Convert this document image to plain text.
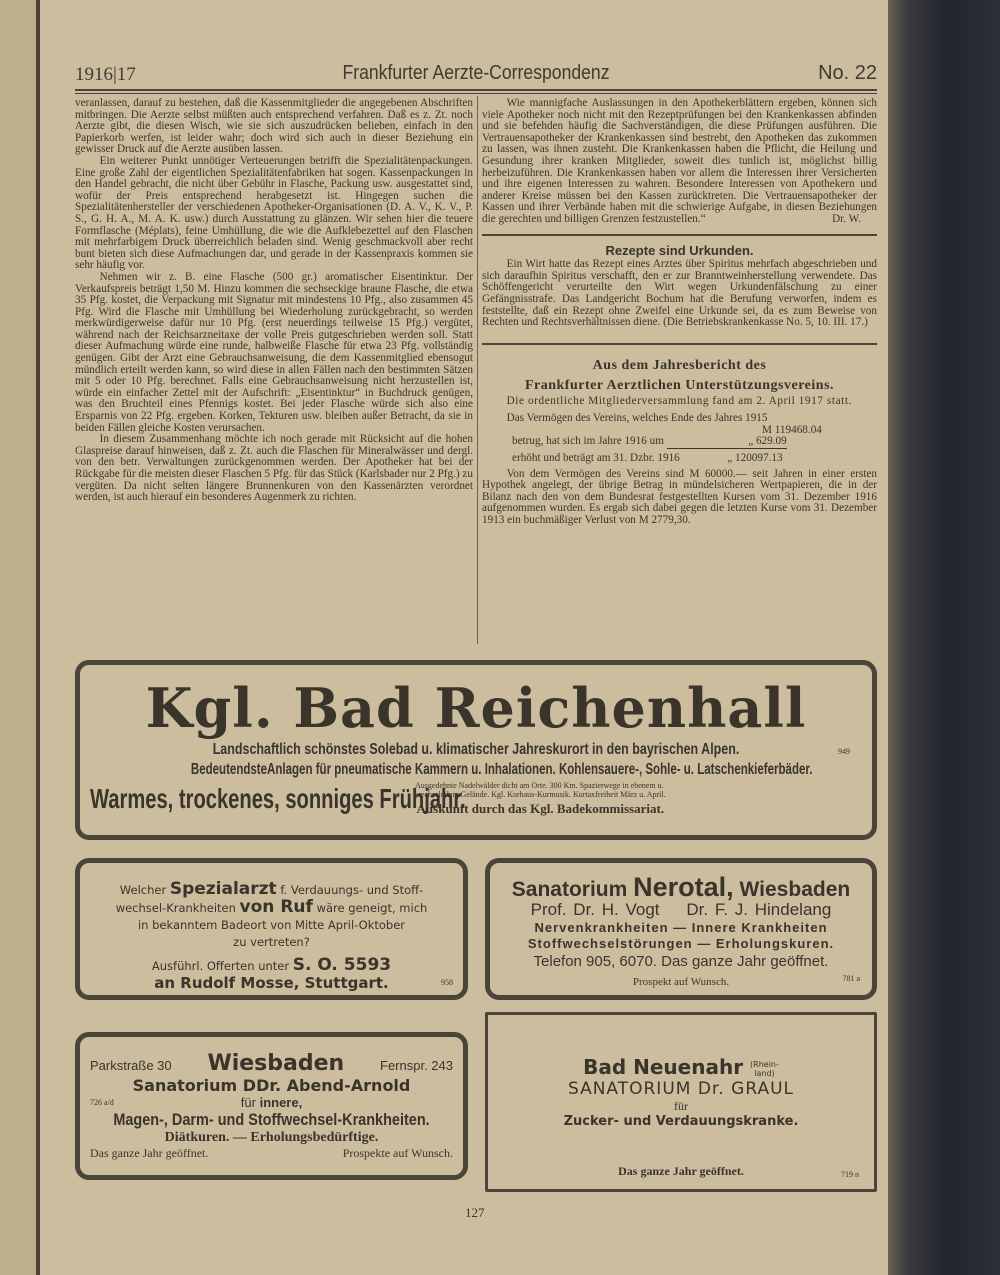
1916|17	Frankfurter Aerzte-Correspondenz	No. 22

veranlassen, darauf zu bestehen, daß die Kassenmitglieder die angegebenen Abschriften mitbringen. Die Aerzte selbst müßten auch entsprechend verfahren. Daß es z. Zt. noch Aerzte gibt, die diesen Wisch, wie sie sich auszudrücken belieben, einfach in den Papierkorb werfen, ist leider wahr; doch wird sich auch in dieser Beziehung ein gewisser Druck auf die Aerzte ausüben lassen.

Ein weiterer Punkt unnötiger Verteuerungen betrifft die Spezialitätenpackungen. Eine große Zahl der eigentlichen Spezialitätenfabriken hat sogen. Kassenpackungen in den Handel gebracht, die nicht über Gebühr in Flasche, Packung usw. ausgestattet sind, wofür der Preis entsprechend herabgesetzt ist. Hingegen suchen die Spezialitätenhersteller der verschiedenen Apotheker-Organisationen (D. A. V., K. V., P. S., G. H. A., M. A. K. usw.) durch Ausstattung zu glänzen. Wir sehen hier die teuere Formflasche (Méplats), feine Umhüllung, die wie die Aufklebezettel auf den Flaschen mit mehrfarbigem Druck überreichlich beladen sind. Wenig geschmackvoll aber recht bunt bieten sich diese Aufmachungen dar, und gerade in der Kassenpraxis kommen sie sehr häufig vor.

Nehmen wir z. B. eine Flasche (500 gr.) aromatischer Eisentinktur. Der Verkaufspreis beträgt 1,50 M. Hinzu kommen die sechseckige braune Flasche, die etwa 35 Pfg. kostet, die Verpackung mit Signatur mit mindestens 10 Pfg., also zusammen 45 Pfg. Wird die Flasche mit Umhüllung bei Wiederholung zurückgebracht, so werden merkwürdigerweise dafür nur 10 Pfg. (erst neuerdings teilweise 15 Pfg.) vergütet, während nach der Reichsarzneitaxe der volle Preis gutgeschrieben werden soll. Statt dieser Aufmachung würde eine runde, halbweiße Flasche für etwa 23 Pfg. vollständig genügen. Gibt der Arzt eine Gebrauchsanweisung, die dem Kassenmitglied ebensogut mündlich erteilt werden kann, so wird diese in allen Fällen nach den bestimmten Sätzen mit 5 oder 10 Pfg. berechnet. Falls eine Gebrauchsanweisung nicht herzustellen ist, würde ein einfacher Zettel mit der Aufschrift: „Eisentinktur“ in Buchdruck genügen, was den Bruchteil eines Pfennigs kostet. Bei jeder Flasche würde sich also eine Ersparnis von 22 Pfg. ergeben. Korken, Tekturen usw. bleiben außer Betracht, da sie in beiden Fällen gleiche Kosten verursachen.

In diesem Zusammenhang möchte ich noch gerade mit Rücksicht auf die hohen Glaspreise darauf hinweisen, daß z. Zt. auch die Flaschen für Mineralwässer und dergl. von den betr. Verwaltungen zurückgenommen werden. Der Apotheker hat bei der Rückgabe für die meisten dieser Flaschen 5 Pfg. für das Stück (Karlsbader nur 2 Pfg.) zu vergüten. Da nicht selten längere Brunnenkuren von den Kassenärzten verordnet werden, ist auch hierauf ein besonderes Augenmerk zu richten.

Wie mannigfache Auslassungen in den Apothekerblättern ergeben, können sich viele Apotheker noch nicht mit den Rezeptprüfungen bei den Krankenkassen abfinden und sie befehden häufig die Sachverständigen, die diese Prüfungen ausführen. Die Vertrauensapotheker der Krankenkassen sind bestrebt, den Apotheken das zukommen zu lassen, was ihnen zusteht. Die Krankenkassen haben die Pflicht, die Heilung und Gesundung ihrer kranken Mitglieder, soweit dies tunlich ist, möglichst billig herbeizuführen. Die Krankenkassen haben vor allem die Interessen ihrer Versicherten und ihre eigenen Interessen zu wahren. Besondere Interessen von Apothekern und anderer Kreise müssen bei den Kassen zurücktreten. Die Vertrauensapotheker der Kassen und ihrer Verbände haben mit die schwierige Aufgabe, in diesen Beziehungen die gerechten und billigen Grenzen festzustellen.“	Dr. W.

Rezepte sind Urkunden.

Ein Wirt hatte das Rezept eines Arztes über Spiritus mehrfach abgeschrieben und sich daraufhin Spiritus verschafft, den er zur Branntweinherstellung verwendete. Das Schöffengericht verurteilte den Wirt wegen Urkundenfälschung zu einer Gefängnisstrafe. Das Landgericht Bochum hat die Berufung verworfen, indem es feststellte, daß ein Rezept ohne Zweifel eine Urkunde sei, da es zum Beweise von Rechten und Rechtsverhältnissen diene. (Die Betriebskrankenkasse No. 5, 10. III. 17.)

Aus dem Jahresbericht des
Frankfurter Aerztlichen Unterstützungsvereins.

Die ordentliche Mitgliederversammlung fand am 2. April 1917 statt.

Das Vermögen des Vereins, welches Ende des Jahres 1915

M 119468.04
betrug, hat sich im Jahre 1916 um	„ 629.09
erhöht und beträgt am 31. Dzbr. 1916	„ 120097.13

Von dem Vermögen des Vereins sind M 60000.— seit Jahren in einer ersten Hypothek angelegt, der übrige Betrag in mündelsicheren Wertpapieren, die in der Bilanz nach den von dem Bundesrat festgestellten Kursen vom 31. Dezember 1916 aufgenommen wurden. Es ergab sich dabei gegen die letzten Kurse vom 31. Dezember 1913 ein buchmäßiger Verlust von M 2779,30.

Kgl. Bad Reichenhall
Landschaftlich schönstes Solebad u. klimatischer Jahreskurort in den bayrischen Alpen.
BedeutendsteAnlagen für pneumatische Kammern u. Inhalationen. Kohlensauere-, Sohle- u. Latschenkieferbäder.
Warmes, trockenes, sonniges Frühjahr.
Ausgedehnte Nadelwälder dicht am Orte. 300 Km. Spazierwege in ebenem u.
wechselndem Gelände. Kgl. Kurhaus-Kurmusik. Kurtaxfreiheit März u. April.
Auskunft durch das Kgl. Badekommissariat.
949
Welcher Spezialarzt f. Verdauungs- und Stoff-
wechsel-Krankheiten von Ruf wäre geneigt, mich
in bekanntem Badeort von Mitte April-Oktober
zu vertreten?
Ausführl. Offerten unter S. O. 5593
an Rudolf Mosse, Stuttgart.	958
Sanatorium Nerotal, Wiesbaden
Prof. Dr. H. Vogt Dr. F. J. Hindelang
Nervenkrankheiten — Innere Krankheiten
Stoffwechselstörungen — Erholungskuren.
Telefon 905, 6070. Das ganze Jahr geöffnet.
Prospekt auf Wunsch.	781 a
Parkstraße 30 Wiesbaden	Fernspr. 243
Sanatorium DDr. Abend-Arnold
726 a/d	für innere,
Magen-, Darm- und Stoffwechsel-Krankheiten.
Diätkuren. — Erholungsbedürftige.
Das ganze Jahr geöffnet.	Prospekte auf Wunsch.
Bad Neuenahr (Rhein-
land)
SANATORIUM Dr. GRAUL
für
Zucker- und Verdauungskranke.
Das ganze Jahr geöffnet.	719 n
127
